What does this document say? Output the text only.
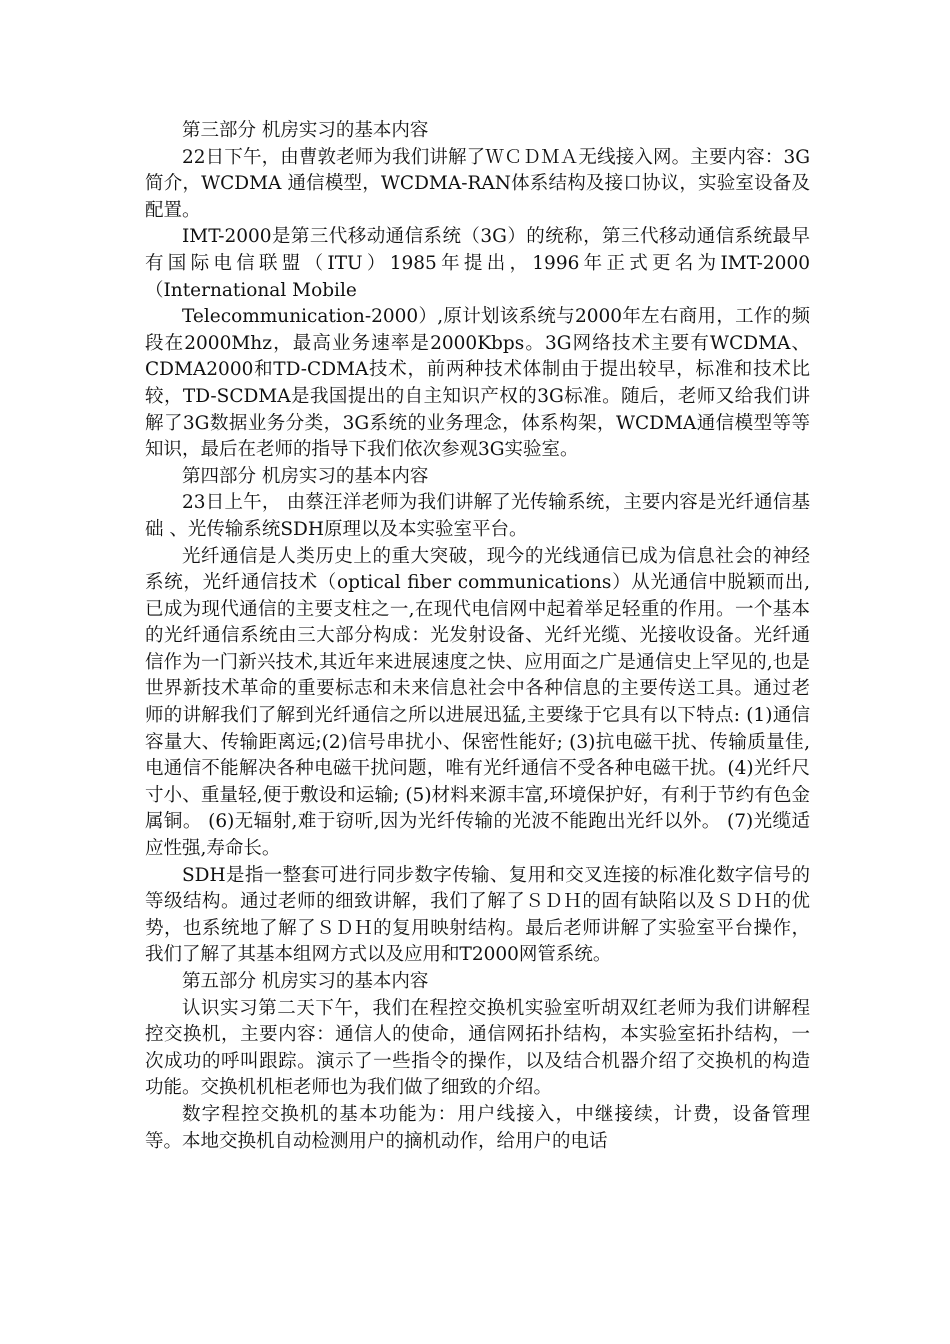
第三部分 机房实习的基本内容

22日下午，由曹敦老师为我们讲解了ＷＣＤＭＡ无线接入网。主要内容：3G简介，WCDMA 通信模型，WCDMA-RAN体系结构及接口协议，实验室设备及配置。

IMT-2000是第三代移动通信系统（3G）的统称，第三代移动通信系统最早有国际电信联盟（ITU）1985年提出，1996年正式更名为IMT-2000（International Mobile

Telecommunication-2000）,原计划该系统与2000年左右商用，工作的频段在2000Mhz，最高业务速率是2000Kbps。3G网络技术主要有WCDMA、CDMA2000和TD-CDMA技术，前两种技术体制由于提出较早，标准和技术比较，TD-SCDMA是我国提出的自主知识产权的3G标准。随后，老师又给我们讲解了3G数据业务分类，3G系统的业务理念，体系构架，WCDMA通信模型等等知识，最后在老师的指导下我们依次参观3G实验室。

第四部分 机房实习的基本内容

23日上午， 由蔡汪洋老师为我们讲解了光传输系统，主要内容是光纤通信基础 、光传输系统SDH原理以及本实验室平台。

光纤通信是人类历史上的重大突破，现今的光线通信已成为信息社会的神经系统，光纤通信技术（optical fiber communications）从光通信中脱颖而出,已成为现代通信的主要支柱之一,在现代电信网中起着举足轻重的作用。一个基本的光纤通信系统由三大部分构成：光发射设备、光纤光缆、光接收设备。光纤通信作为一门新兴技术,其近年来进展速度之快、应用面之广是通信史上罕见的,也是世界新技术革命的重要标志和未来信息社会中各种信息的主要传送工具。通过老师的讲解我们了解到光纤通信之所以进展迅猛,主要缘于它具有以下特点: (1)通信容量大、传输距离远;(2)信号串扰小、保密性能好; (3)抗电磁干扰、传输质量佳,电通信不能解决各种电磁干扰问题，唯有光纤通信不受各种电磁干扰。(4)光纤尺寸小、重量轻,便于敷设和运输; (5)材料来源丰富,环境保护好，有利于节约有色金属铜。 (6)无辐射,难于窃听,因为光纤传输的光波不能跑出光纤以外。 (7)光缆适应性强,寿命长。

SDH是指一整套可进行同步数字传输、复用和交叉连接的标准化数字信号的等级结构。通过老师的细致讲解，我们了解了ＳＤＨ的固有缺陷以及ＳＤＨ的优势，也系统地了解了ＳＤＨ的复用映射结构。最后老师讲解了实验室平台操作，我们了解了其基本组网方式以及应用和T2000网管系统。

第五部分 机房实习的基本内容

认识实习第二天下午，我们在程控交换机实验室听胡双红老师为我们讲解程控交换机，主要内容：通信人的使命，通信网拓扑结构，本实验室拓扑结构，一次成功的呼叫跟踪。演示了一些指令的操作，以及结合机器介绍了交换机的构造功能。交换机机柜老师也为我们做了细致的介绍。

数字程控交换机的基本功能为：用户线接入，中继接续，计费，设备管理等。本地交换机自动检测用户的摘机动作，给用户的电话
